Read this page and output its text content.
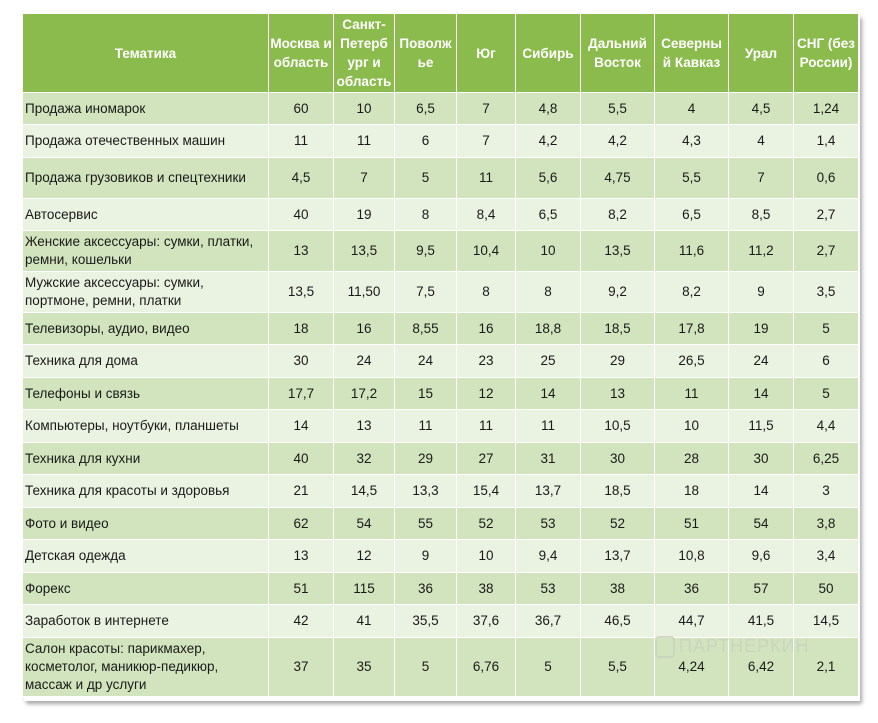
Тематика	Москва и область	Санкт-Петерб ург и область	Поволж ье	Юг	Сибирь	Дальний Восток	Северны й Кавказ	Урал	СНГ (без России)
Продажа иномарок	60	10	6,5	7	4,8	5,5	4	4,5	1,24
Продажа отечественных машин	11	11	6	7	4,2	4,2	4,3	4	1,4
Продажа грузовиков и спецтехники	4,5	7	5	11	5,6	4,75	5,5	7	0,6
Автосервис	40	19	8	8,4	6,5	8,2	6,5	8,5	2,7
Женские аксессуары: сумки, платки, ремни, кошельки	13	13,5	9,5	10,4	10	13,5	11,6	11,2	2,7
Мужские аксессуары: сумки, портмоне, ремни, платки	13,5	11,50	7,5	8	8	9,2	8,2	9	3,5
Телевизоры, аудио, видео	18	16	8,55	16	18,8	18,5	17,8	19	5
Техника для дома	30	24	24	23	25	29	26,5	24	6
Телефоны и связь	17,7	17,2	15	12	14	13	11	14	5
Компьютеры, ноутбуки, планшеты	14	13	11	11	11	10,5	10	11,5	4,4
Техника для кухни	40	32	29	27	31	30	28	30	6,25
Техника для красоты и здоровья	21	14,5	13,3	15,4	13,7	18,5	18	14	3
Фото и видео	62	54	55	52	53	52	51	54	3,8
Детская одежда	13	12	9	10	9,4	13,7	10,8	9,6	3,4
Форекс	51	115	36	38	53	38	36	57	50
Заработок в интернете	42	41	35,5	37,6	36,7	46,5	44,7	41,5	14,5
Салон красоты: парикмахер, косметолог, маникюр-педикюр, массаж и др услуги	37	35	5	6,76	5	5,5	4,24	6,42	2,1
ПАРТНЕРКИН
